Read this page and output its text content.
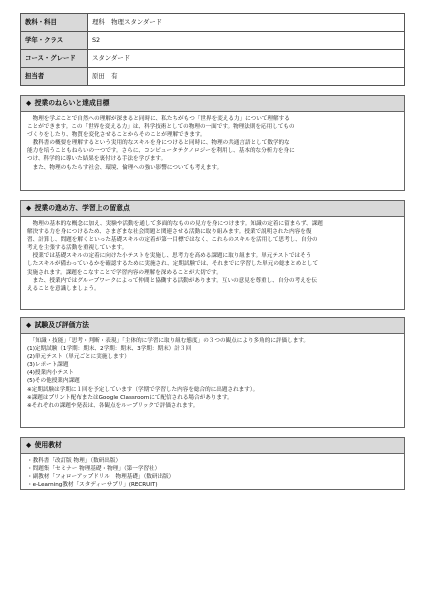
教科・科目	理科　物理スタンダード
学年・クラス	S2
コース・グレード	スタンダード
担当者	原田　有
◆ 授業のねらいと達成目標
　物理を学ぶことで自然への理解が深まると同時に、私たちがもつ「世界を変える力」について理解する
ことができます。この「世界を変える力」は、科学技術としての物理の一面です。物理法則を応用してもの
づくりをしたり、物質を変化させることからそのことが理解できます。
　教科書の概要を理解するという実用的なスキルを身につけると同時に、物理の共通言語として数学的な
能力を培うこともねらいの一つです。さらに、コンピュータテクノロジーを利用し、基本的な分析力を身に
つけ、科学的に導いた結果を裏付ける手法を学びます。
　また、物理のもたらす社会、環境、倫理への強い影響についても考えます。
◆ 授業の進め方、学習上の留意点
　物理の基本的な概念に加え、実験や活動を通して多面的なものの見方を身につけます。知識の定着に留まらず、課題
解決する力を身につけるため、さまざまな社会問題と関連させる活動に取り組みます。授業で説明された内容を復
習、計算し、問題を解くといった基礎スキルの定着が第一目標ではなく、これらのスキルを活用して思考し、自分の
考えを主張する活動を重視しています。
　授業では基礎スキルの定着に向けた小テストを実施し、思考力を高める課題に取り組ます。単元テストではそう
したスキルが備わっているかを確認するために実施され、定期試験では、それまでに学習した単元の総まとめとして
実施されます。課題をこなすことで学習内容の理解を深めることが大切です。
　また、授業内ではグループワークによって仲間と協働する活動があります。互いの意見を尊重し、自分の考えを伝
えることを意識しましょう。
◆ 試験及び評価方法
　「知識・技能」「思考・判断・表現」「主体的に学習に取り組む態度」の３つの観点により多角的に評価します。
(1)定期試験（1学期：期末、2学期：期末、3学期：期末）計３回
(2)単元テスト（単元ごとに実施します）
(3)レポート課題
(4)授業内小テスト
(5)その他授業内課題
※定期試験は学期に１回を予定しています（学期で学習した内容を総合的に出題されます）。
※課題はプリント配布またはGoogle Classroomにて配信される場合があります。
※それぞれの課題や発表は、各観点をループリックで評価されます。
◆ 使用教材
・教科書「改訂版 物理」（数研出版）
・問題集「セミナー 物理基礎・物理」（第一学習社）
・副教材「フォローアップドリル　物理基礎」（数研出版）
・e-Learning教材「スタディーサプリ」(RECRUIT)
